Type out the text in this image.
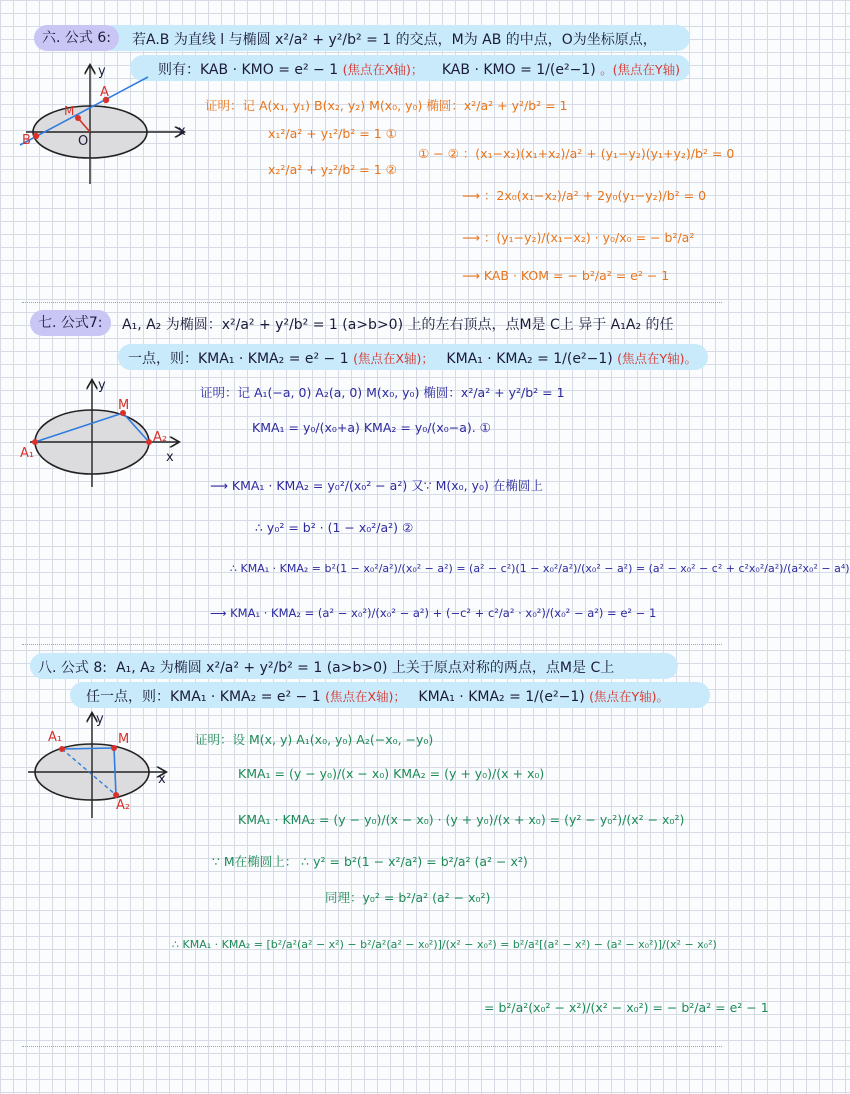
六. 公式 6:	若A.B 为直线 l 与椭圆 x²/a² + y²/b² = 1 的交点，M为 AB 的中点，O为坐标原点，
则有：KAB · KMO = e² − 1 (焦点在X轴)； KAB · KMO = 1/(e²−1) 。(焦点在Y轴)
A
B
M
O
x
y
证明：记 A(x₁, y₁) B(x₂, y₂) M(x₀, y₀) 椭圆：x²/a² + y²/b² = 1
x₁²/a² + y₁²/b² = 1 ①
x₂²/a² + y₂²/b² = 1 ②
① − ② ：(x₁−x₂)(x₁+x₂)/a² + (y₁−y₂)(y₁+y₂)/b² = 0
⟶ ：2x₀(x₁−x₂)/a² + 2y₀(y₁−y₂)/b² = 0
⟶ ：(y₁−y₂)/(x₁−x₂) · y₀/x₀ = − b²/a²
⟶ KAB · KOM = − b²/a² = e² − 1
七. 公式7:	A₁, A₂ 为椭圆：x²/a² + y²/b² = 1 (a>b>0) 上的左右顶点，点M是 C上 异于 A₁A₂ 的任
一点，则：KMA₁ · KMA₂ = e² − 1 (焦点在X轴)； KMA₁ · KMA₂ = 1/(e²−1) (焦点在Y轴)。
A₁
A₂
M
x
y	证明：记 A₁(−a, 0) A₂(a, 0) M(x₀, y₀) 椭圆：x²/a² + y²/b² = 1
KMA₁ = y₀/(x₀+a) KMA₂ = y₀/(x₀−a). ①
⟶ KMA₁ · KMA₂ = y₀²/(x₀² − a²) 又∵ M(x₀, y₀) 在椭圆上
∴ y₀² = b² · (1 − x₀²/a²) ②
∴ KMA₁ · KMA₂ = b²(1 − x₀²/a²)/(x₀² − a²) = (a² − c²)(1 − x₀²/a²)/(x₀² − a²) = (a² − x₀² − c² + c²x₀²/a²)/(a²x₀² − a⁴)
⟶ KMA₁ · KMA₂ = (a² − x₀²)/(x₀² − a²) + (−c² + c²/a² · x₀²)/(x₀² − a²) = e² − 1
八. 公式 8: A₁, A₂ 为椭圆 x²/a² + y²/b² = 1 (a>b>0) 上关于原点对称的两点，点M是 C上
任一点，则：KMA₁ · KMA₂ = e² − 1 (焦点在X轴)； KMA₁ · KMA₂ = 1/(e²−1) (焦点在Y轴)。
A₁	M
A₂
x
y
证明：设 M(x, y) A₁(x₀, y₀) A₂(−x₀, −y₀)
KMA₁ = (y − y₀)/(x − x₀) KMA₂ = (y + y₀)/(x + x₀)
KMA₁ · KMA₂ = (y − y₀)/(x − x₀) · (y + y₀)/(x + x₀) = (y² − y₀²)/(x² − x₀²)
∵ M在椭圆上： ∴ y² = b²(1 − x²/a²) = b²/a² (a² − x²)
同理：y₀² = b²/a² (a² − x₀²)
∴ KMA₁ · KMA₂ = [b²/a²(a² − x²) − b²/a²(a² − x₀²)]/(x² − x₀²) = b²/a²[(a² − x²) − (a² − x₀²)]/(x² − x₀²)
= b²/a²(x₀² − x²)/(x² − x₀²) = − b²/a² = e² − 1
